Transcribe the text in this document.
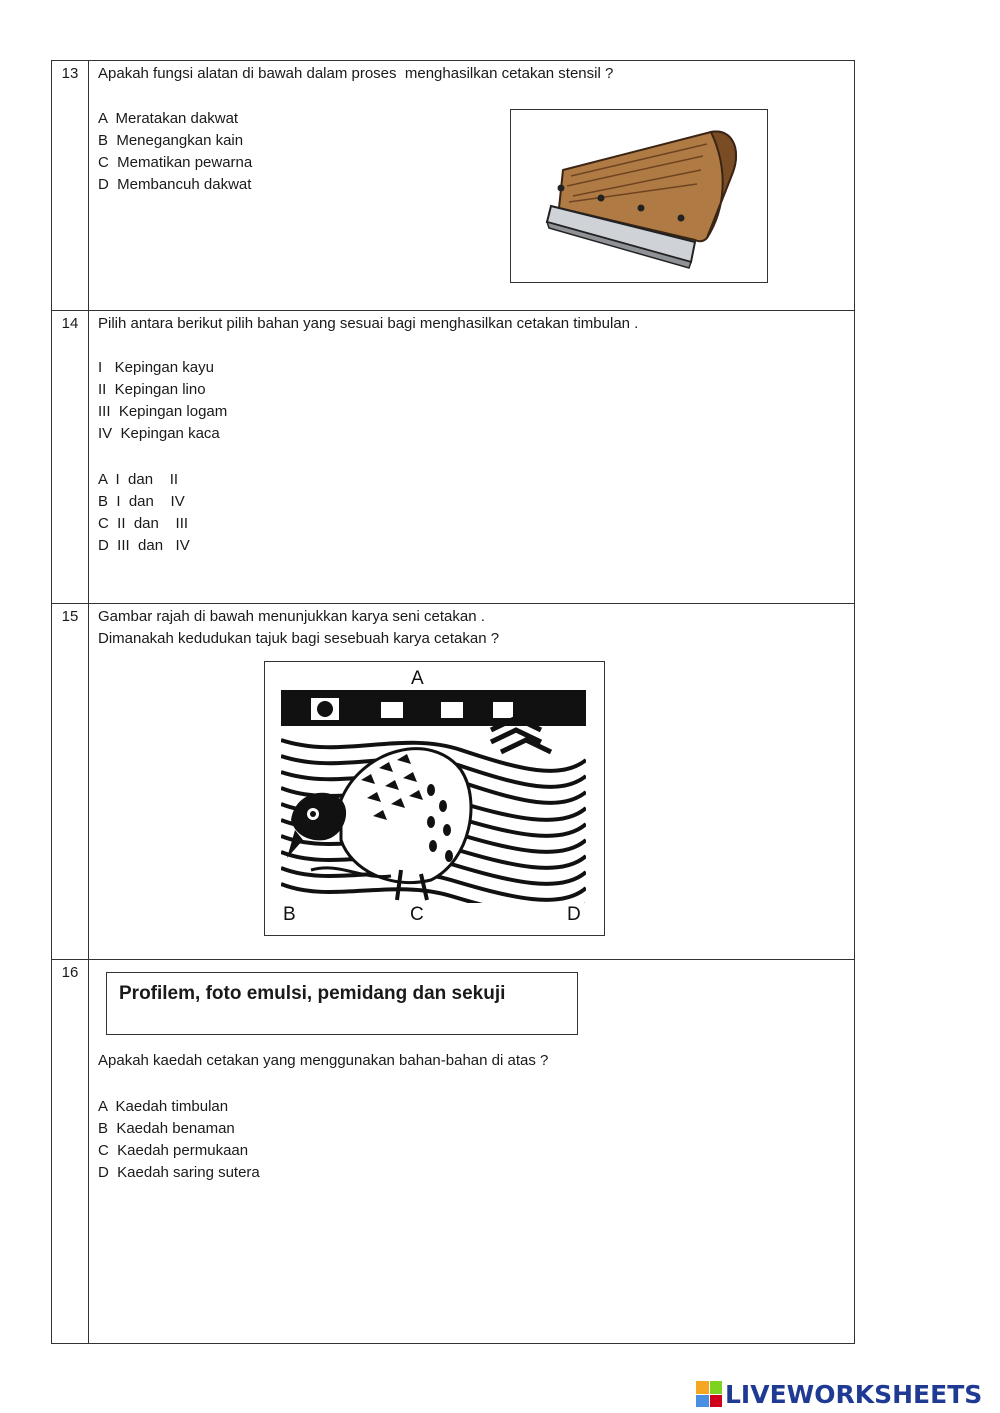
13	Apakah fungsi alatan di bawah dalam proses  menghasilkan cetakan stensil ?
A  Meratakan dakwat
B  Menegangkan kain
C  Mematikan pewarna
D  Membancuh dakwat
14	Pilih antara berikut pilih bahan yang sesuai bagi menghasilkan cetakan timbulan .
I   Kepingan kayu
II  Kepingan lino
III  Kepingan logam
IV  Kepingan kaca
A  I  dan    II
B  I  dan    IV
C  II  dan    III
D  III  dan   IV
15	Gambar rajah di bawah menunjukkan karya seni cetakan .
Dimanakah kedudukan tajuk bagi sesebuah karya cetakan ?
A
B	C	D
16
Profilem, foto emulsi, pemidang dan sekuji
Apakah kaedah cetakan yang menggunakan bahan-bahan di atas ?
A  Kaedah timbulan
B  Kaedah benaman
C  Kaedah permukaan
D  Kaedah saring sutera
LIVEWORKSHEETS
